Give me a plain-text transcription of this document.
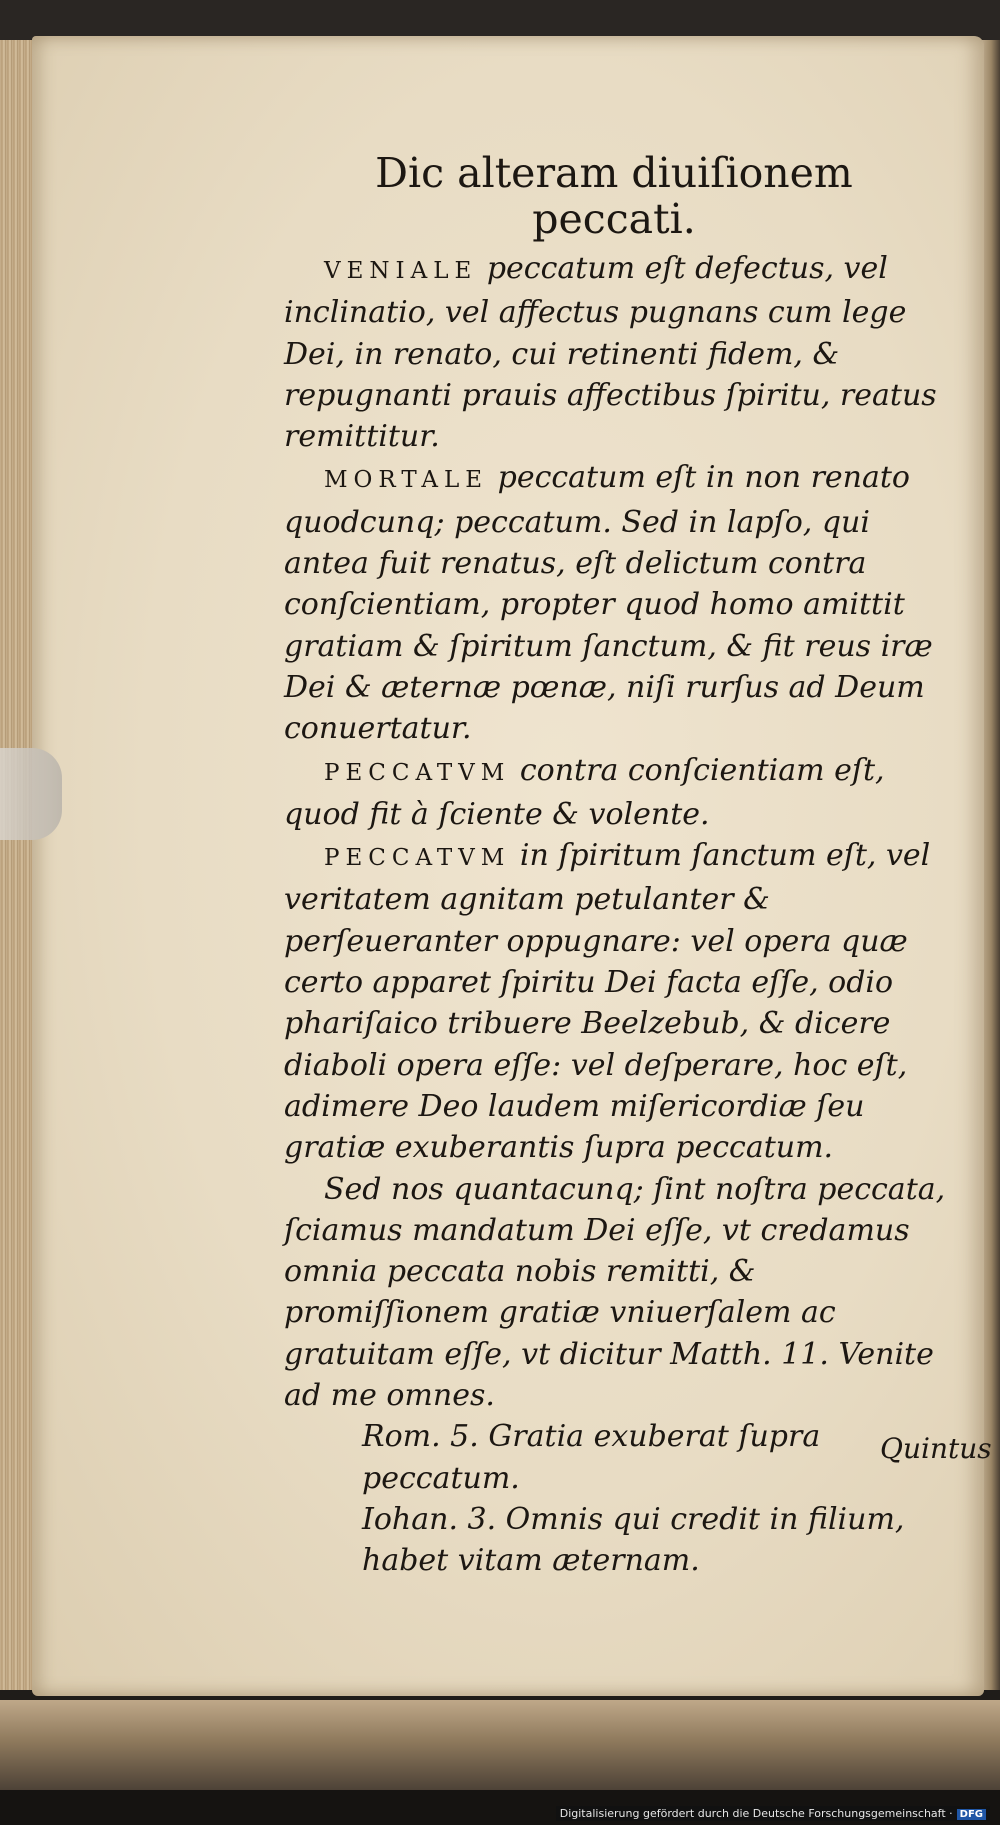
Dic alteram diuiſionem
peccati.

VENIALE peccatum eſt defectus, vel inclinatio, vel affectus pugnans cum lege Dei, in renato, cui retinenti fidem, & repugnanti prauis affectibus ſpiritu, reatus remittitur.

MORTALE peccatum eſt in non renato quodcunq; peccatum. Sed in lapſo, qui antea fuit renatus, eſt delictum contra conſcientiam, propter quod homo amittit gratiam & ſpiritum ſanctum, & fit reus iræ Dei & æternæ pœnæ, niſi rurſus ad Deum conuertatur.

PECCATVM contra conſcientiam eſt, quod fit à ſciente & volente.

PECCATVM in ſpiritum ſanctum eſt, vel veritatem agnitam petulanter & perſeueranter oppugnare: vel opera quæ certo apparet ſpiritu Dei facta eſſe, odio phariſaico tribuere Beelzebub, & dicere diaboli opera eſſe: vel deſperare, hoc eſt, adimere Deo laudem miſericordiæ ſeu gratiæ exuberantis ſupra peccatum.

Sed nos quantacunq; ſint noſtra peccata, ſciamus mandatum Dei eſſe, vt credamus omnia peccata nobis remitti, & promiſſionem gratiæ vniuerſalem ac gratuitam eſſe, vt dicitur Matth. 11. Venite ad me omnes.

Rom. 5. Gratia exuberat ſupra peccatum.

Iohan. 3. Omnis qui credit in filium, habet vitam æternam.

Quintus
Digitalisierung gefördert durch die Deutsche Forschungsgemeinschaft · DFG
